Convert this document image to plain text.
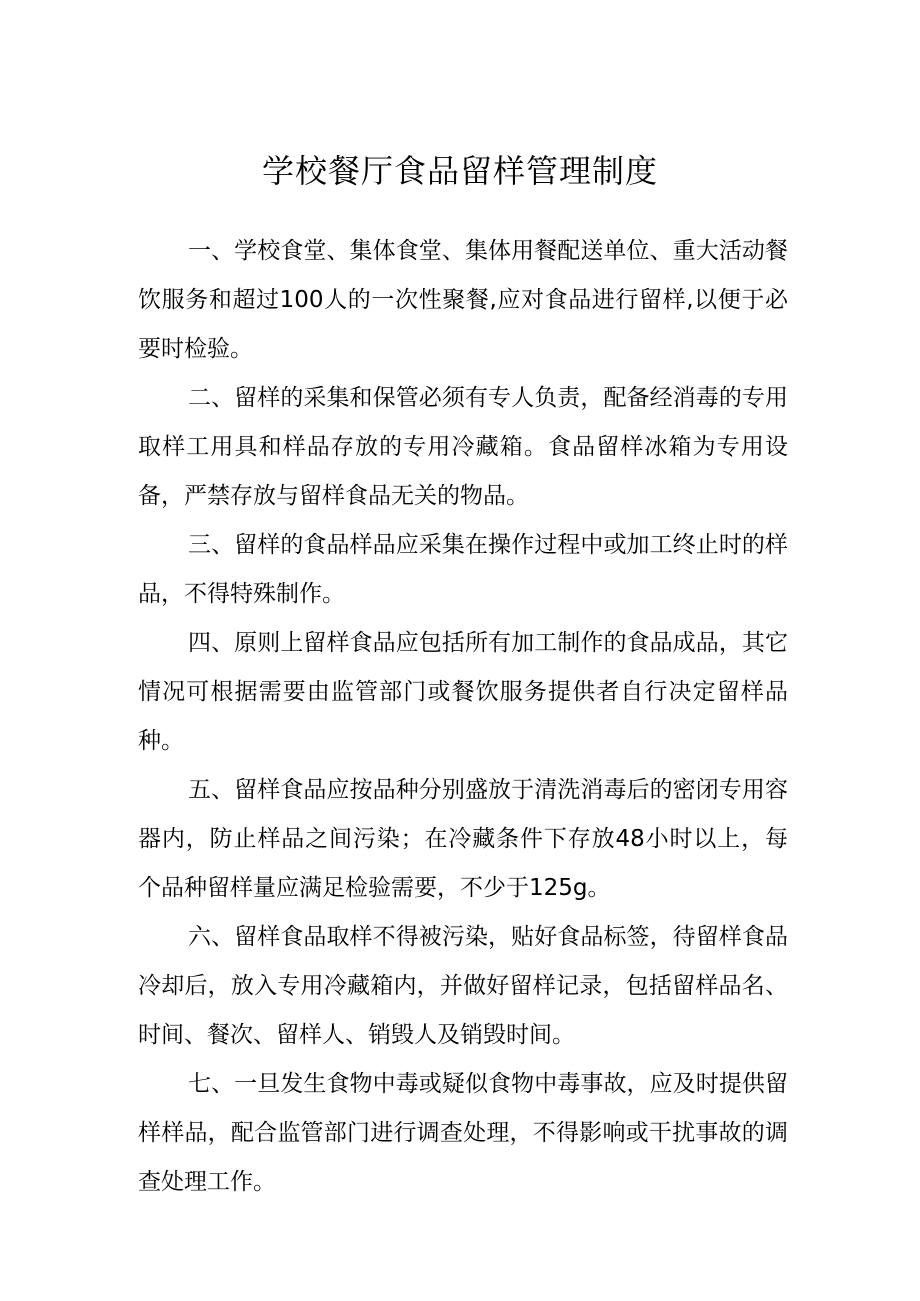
学校餐厅食品留样管理制度

一、学校食堂、集体食堂、集体用餐配送单位、重大活动餐饮服务和超过100人的一次性聚餐,应对食品进行留样,以便于必要时检验。

二、留样的采集和保管必须有专人负责，配备经消毒的专用取样工用具和样品存放的专用冷藏箱。食品留样冰箱为专用设备，严禁存放与留样食品无关的物品。

三、留样的食品样品应采集在操作过程中或加工终止时的样品，不得特殊制作。

四、原则上留样食品应包括所有加工制作的食品成品，其它情况可根据需要由监管部门或餐饮服务提供者自行决定留样品种。

五、留样食品应按品种分别盛放于清洗消毒后的密闭专用容器内，防止样品之间污染；在冷藏条件下存放48小时以上，每个品种留样量应满足检验需要，不少于125g。

六、留样食品取样不得被污染，贴好食品标签，待留样食品冷却后，放入专用冷藏箱内，并做好留样记录，包括留样品名、时间、餐次、留样人、销毁人及销毁时间。

七、一旦发生食物中毒或疑似食物中毒事故，应及时提供留样样品，配合监管部门进行调查处理，不得影响或干扰事故的调查处理工作。
